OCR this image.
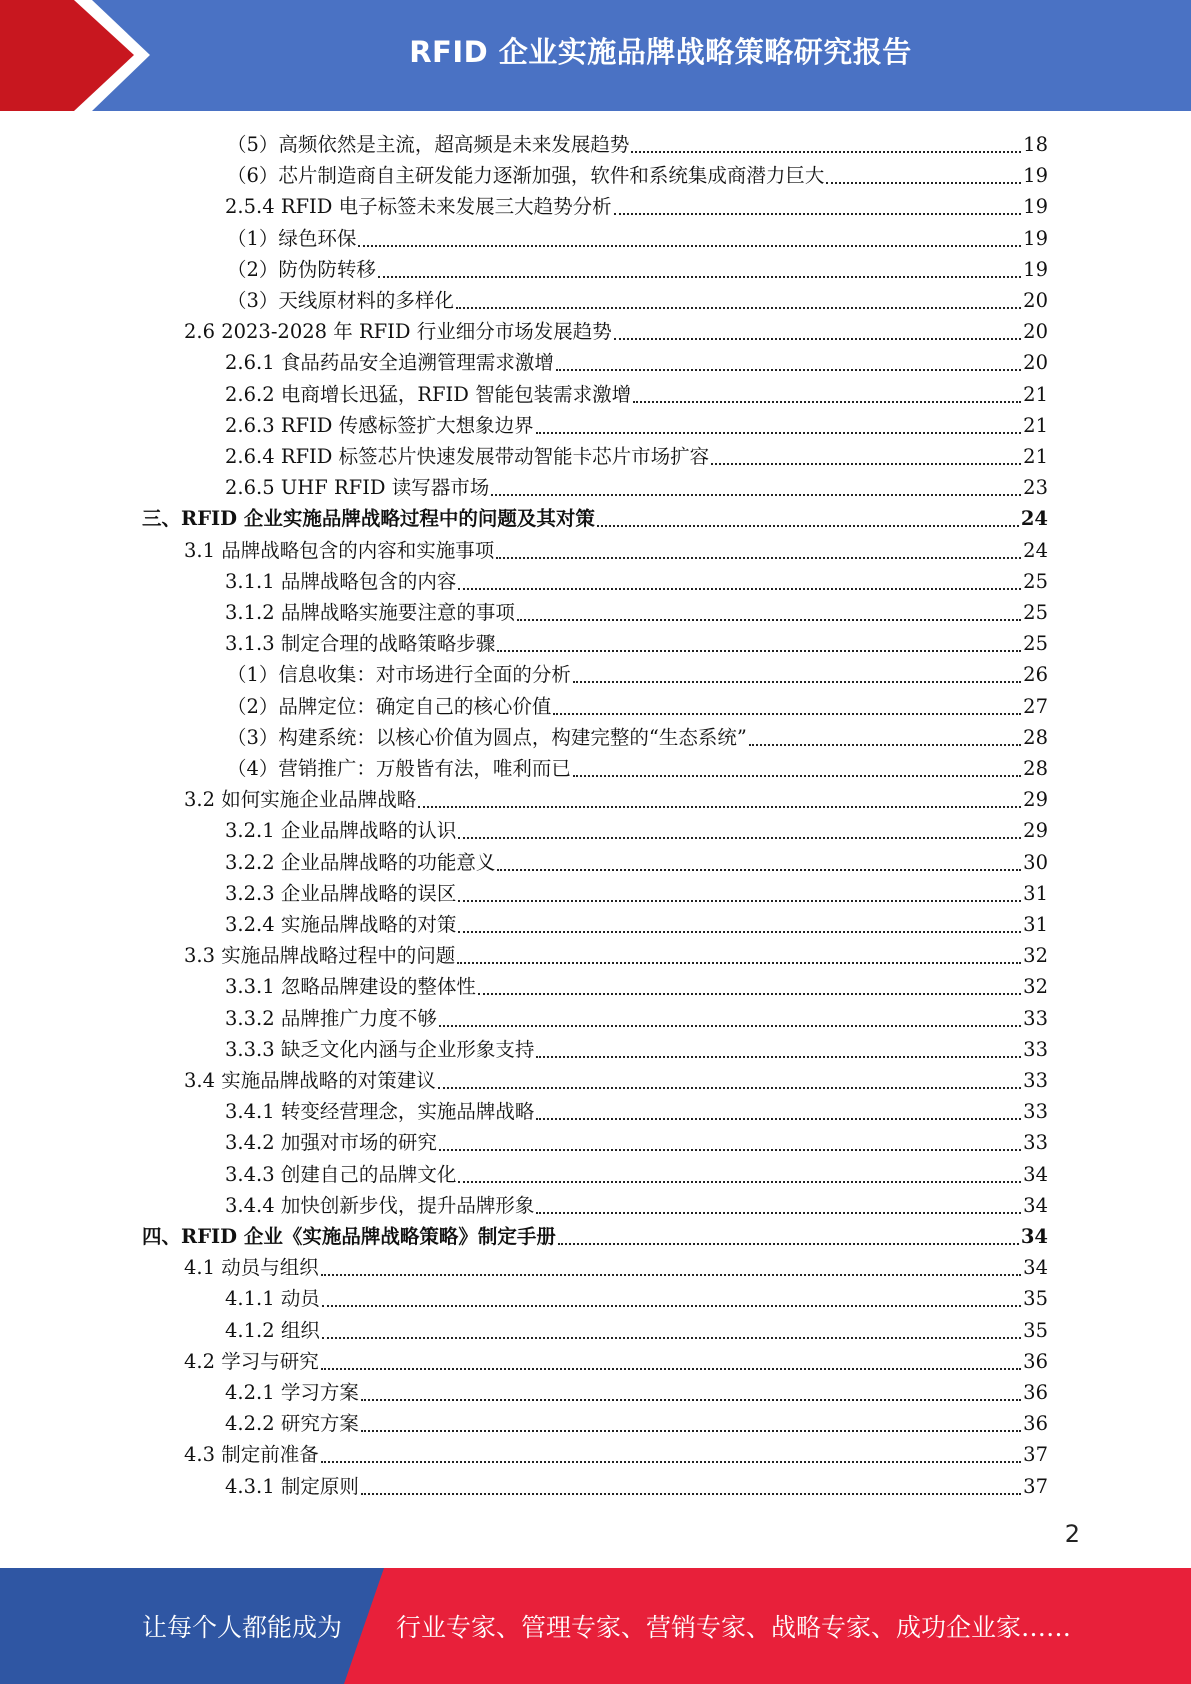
RFID 企业实施品牌战略策略研究报告
（5）高频依然是主流，超高频是未来发展趋势	18
（6）芯片制造商自主研发能力逐渐加强，软件和系统集成商潜力巨大	19
2.5.4 RFID 电子标签未来发展三大趋势分析	19
（1）绿色环保	19
（2）防伪防转移	19
（3）天线原材料的多样化	20
2.6 2023-2028 年 RFID 行业细分市场发展趋势	20
2.6.1 食品药品安全追溯管理需求激增	20
2.6.2 电商增长迅猛，RFID 智能包装需求激增	21
2.6.3 RFID 传感标签扩大想象边界	21
2.6.4 RFID 标签芯片快速发展带动智能卡芯片市场扩容	21
2.6.5 UHF RFID 读写器市场	23
三、RFID 企业实施品牌战略过程中的问题及其对策	24
3.1 品牌战略包含的内容和实施事项	24
3.1.1 品牌战略包含的内容	25
3.1.2 品牌战略实施要注意的事项	25
3.1.3 制定合理的战略策略步骤	25
（1）信息收集：对市场进行全面的分析	26
（2）品牌定位：确定自己的核心价值	27
（3）构建系统：以核心价值为圆点，构建完整的“生态系统”	28
（4）营销推广：万般皆有法，唯利而已	28
3.2 如何实施企业品牌战略	29
3.2.1 企业品牌战略的认识	29
3.2.2 企业品牌战略的功能意义	30
3.2.3 企业品牌战略的误区	31
3.2.4 实施品牌战略的对策	31
3.3 实施品牌战略过程中的问题	32
3.3.1 忽略品牌建设的整体性	32
3.3.2 品牌推广力度不够	33
3.3.3 缺乏文化内涵与企业形象支持	33
3.4 实施品牌战略的对策建议	33
3.4.1 转变经营理念，实施品牌战略	33
3.4.2 加强对市场的研究	33
3.4.3 创建自己的品牌文化	34
3.4.4 加快创新步伐，提升品牌形象	34
四、RFID 企业《实施品牌战略策略》制定手册	34
4.1 动员与组织	34
4.1.1 动员	35
4.1.2 组织	35
4.2 学习与研究	36
4.2.1 学习方案	36
4.2.2 研究方案	36
4.3 制定前准备	37
4.3.1 制定原则	37
2
让每个人都能成为 行业专家、管理专家、营销专家、战略专家、成功企业家……
